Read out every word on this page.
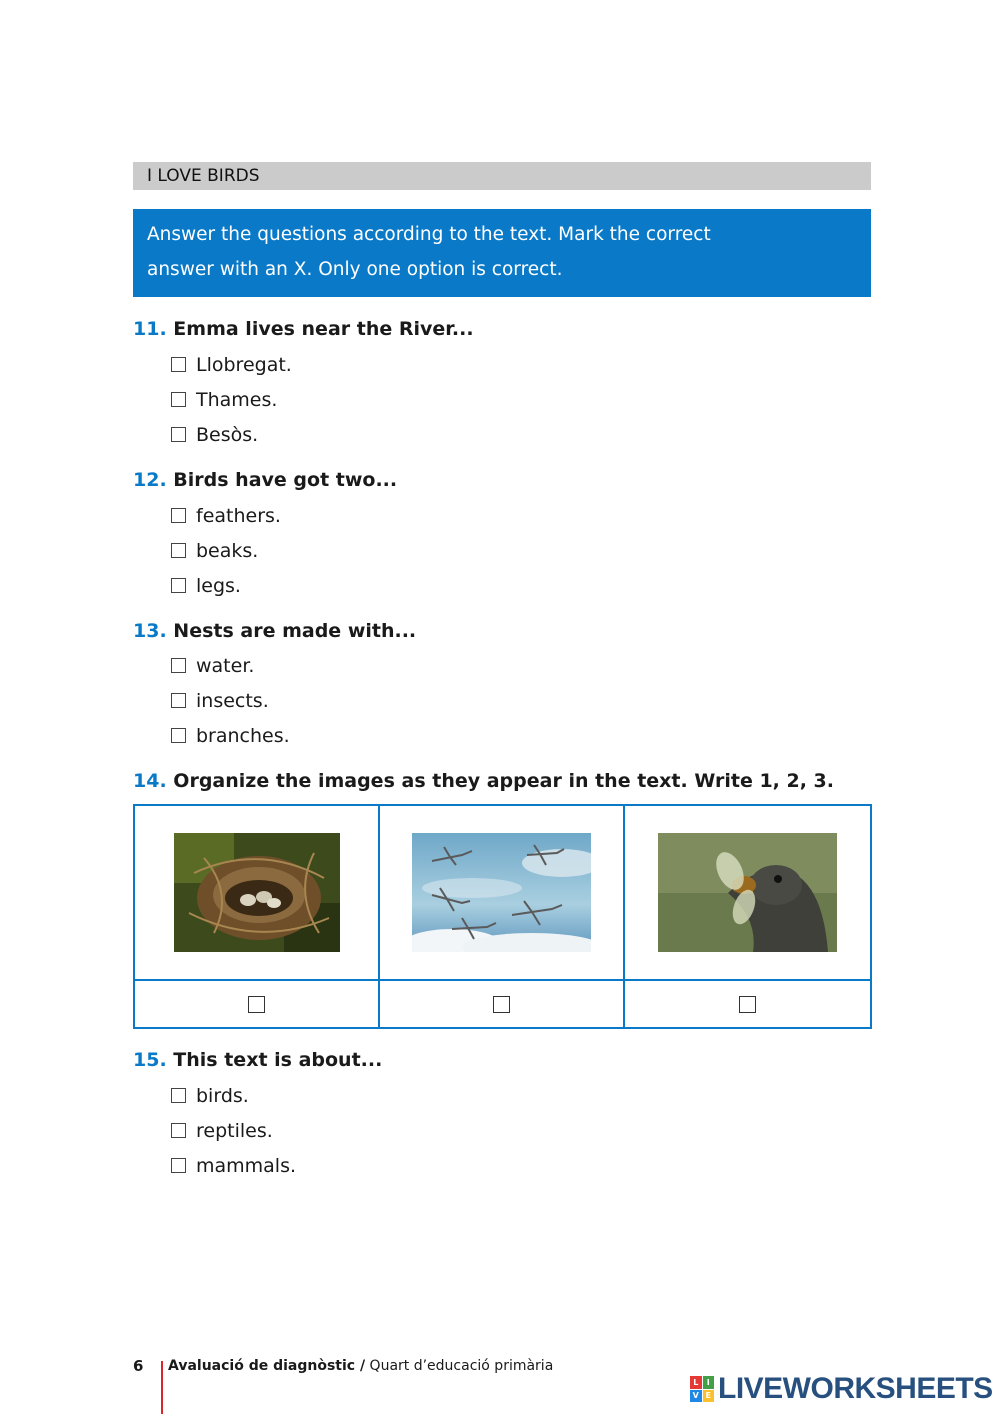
I LOVE BIRDS
Answer the questions according to the text. Mark the correct
answer with an X. Only one option is correct.
11. Emma lives near the River...
Llobregat.
Thames.
Besòs.
12. Birds have got two...
feathers.
beaks.
legs.
13. Nests are made with...
water.
insects.
branches.
14. Organize the images as they appear in the text. Write 1, 2, 3.
15. This text is about...
birds.
reptiles.
mammals.
6	Avaluació de diagnòstic / Quart d’educació primària
L	I
V E LIVEWORKSHEETS
